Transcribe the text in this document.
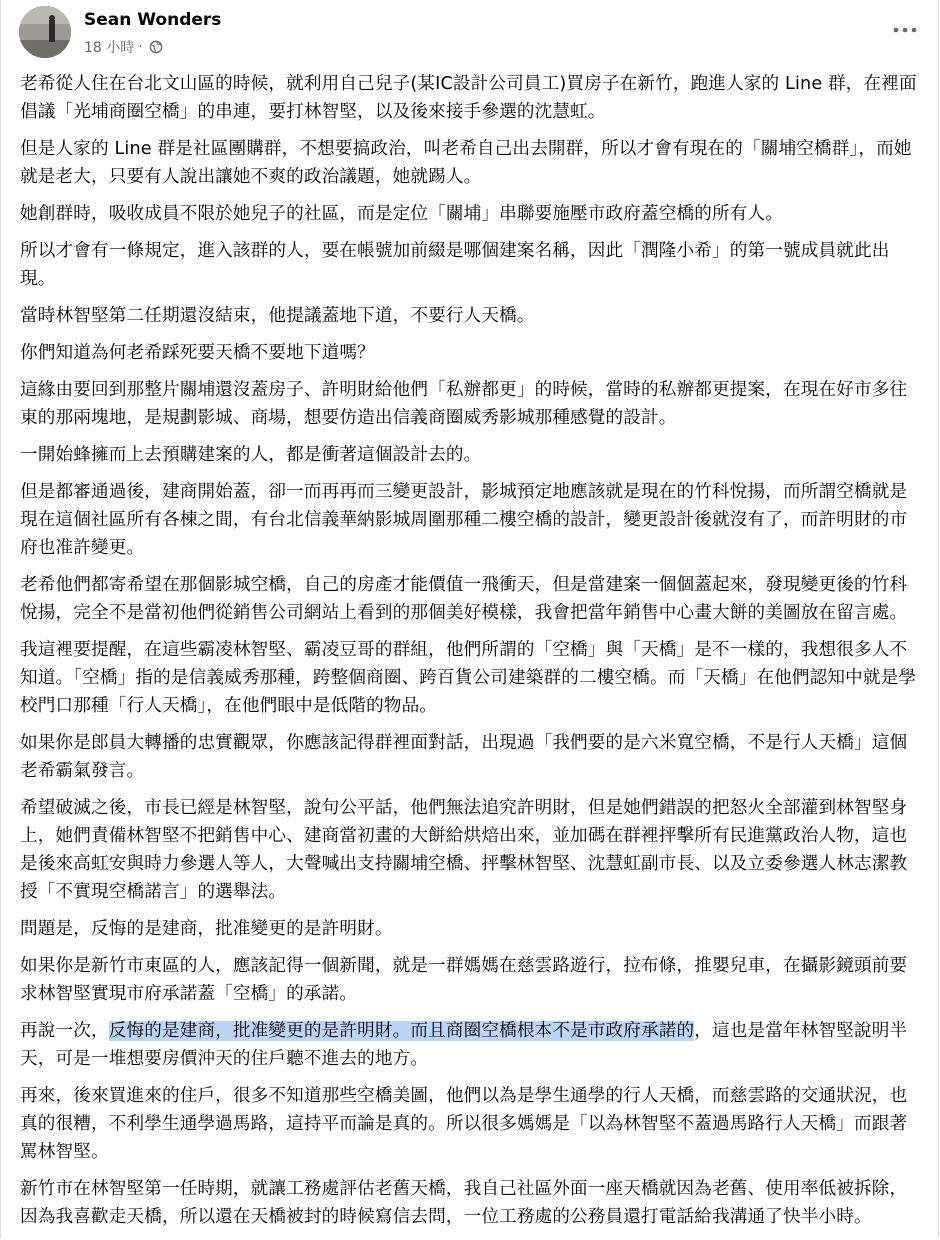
Sean Wonders
18 小時 ·

老希從人住在台北文山區的時候，就利用自己兒子(某IC設計公司員工)買房子在新竹，跑進人家的 Line 群，在裡面倡議「光埔商圈空橋」的串連，要打林智堅，以及後來接手參選的沈慧虹。

但是人家的 Line 群是社區團購群，不想要搞政治，叫老希自己出去開群，所以才會有現在的「關埔空橋群」，而她就是老大，只要有人說出讓她不爽的政治議題，她就踢人。

她創群時，吸收成員不限於她兒子的社區，而是定位「關埔」串聯要施壓市政府蓋空橋的所有人。

所以才會有一條規定，進入該群的人，要在帳號加前綴是哪個建案名稱，因此「潤隆小希」的第一號成員就此出現。

當時林智堅第二任期還沒結束，他提議蓋地下道，不要行人天橋。

你們知道為何老希踩死要天橋不要地下道嗎？

這緣由要回到那整片關埔還沒蓋房子、許明財給他們「私辦都更」的時候，當時的私辦都更提案，在現在好市多往東的那兩塊地，是規劃影城、商場，想要仿造出信義商圈威秀影城那種感覺的設計。

一開始蜂擁而上去預購建案的人，都是衝著這個設計去的。

但是都審通過後，建商開始蓋，卻一而再再而三變更設計，影城預定地應該就是現在的竹科悅揚，而所謂空橋就是現在這個社區所有各棟之間，有台北信義華納影城周圍那種二樓空橋的設計，變更設計後就沒有了，而許明財的市府也准許變更。

老希他們都寄希望在那個影城空橋，自己的房產才能價值一飛衝天，但是當建案一個個蓋起來，發現變更後的竹科悅揚，完全不是當初他們從銷售公司網站上看到的那個美好模樣，我會把當年銷售中心畫大餅的美圖放在留言處。

我這裡要提醒，在這些霸凌林智堅、霸凌豆哥的群組，他們所謂的「空橋」與「天橋」是不一樣的，我想很多人不知道。「空橋」指的是信義威秀那種，跨整個商圈、跨百貨公司建築群的二樓空橋。而「天橋」在他們認知中就是學校門口那種「行人天橋」，在他們眼中是低階的物品。

如果你是郎員大轉播的忠實觀眾，你應該記得群裡面對話，出現過「我們要的是六米寬空橋，不是行人天橋」這個老希霸氣發言。

希望破滅之後，市長已經是林智堅，說句公平話，他們無法追究許明財，但是她們錯誤的把怒火全部灌到林智堅身上，她們責備林智堅不把銷售中心、建商當初畫的大餅給烘焙出來，並加碼在群裡抨擊所有民進黨政治人物，這也是後來高虹安與時力參選人等人，大聲喊出支持關埔空橋、抨擊林智堅、沈慧虹副市長、以及立委參選人林志潔教授「不實現空橋諾言」的選舉法。

問題是，反悔的是建商，批准變更的是許明財。

如果你是新竹市東區的人，應該記得一個新聞，就是一群媽媽在慈雲路遊行，拉布條，推嬰兒車，在攝影鏡頭前要求林智堅實現市府承諾蓋「空橋」的承諾。

再說一次，反悔的是建商，批准變更的是許明財。而且商圈空橋根本不是市政府承諾的，這也是當年林智堅說明半天，可是一堆想要房價沖天的住戶聽不進去的地方。

再來，後來買進來的住戶，很多不知道那些空橋美圖，他們以為是學生通學的行人天橋，而慈雲路的交通狀況，也真的很糟，不利學生通學過馬路，這持平而論是真的。所以很多媽媽是「以為林智堅不蓋過馬路行人天橋」而跟著罵林智堅。

新竹市在林智堅第一任時期，就讓工務處評估老舊天橋，我自己社區外面一座天橋就因為老舊、使用率低被拆除，因為我喜歡走天橋，所以還在天橋被封的時候寫信去問，一位工務處的公務員還打電話給我溝通了快半小時。
